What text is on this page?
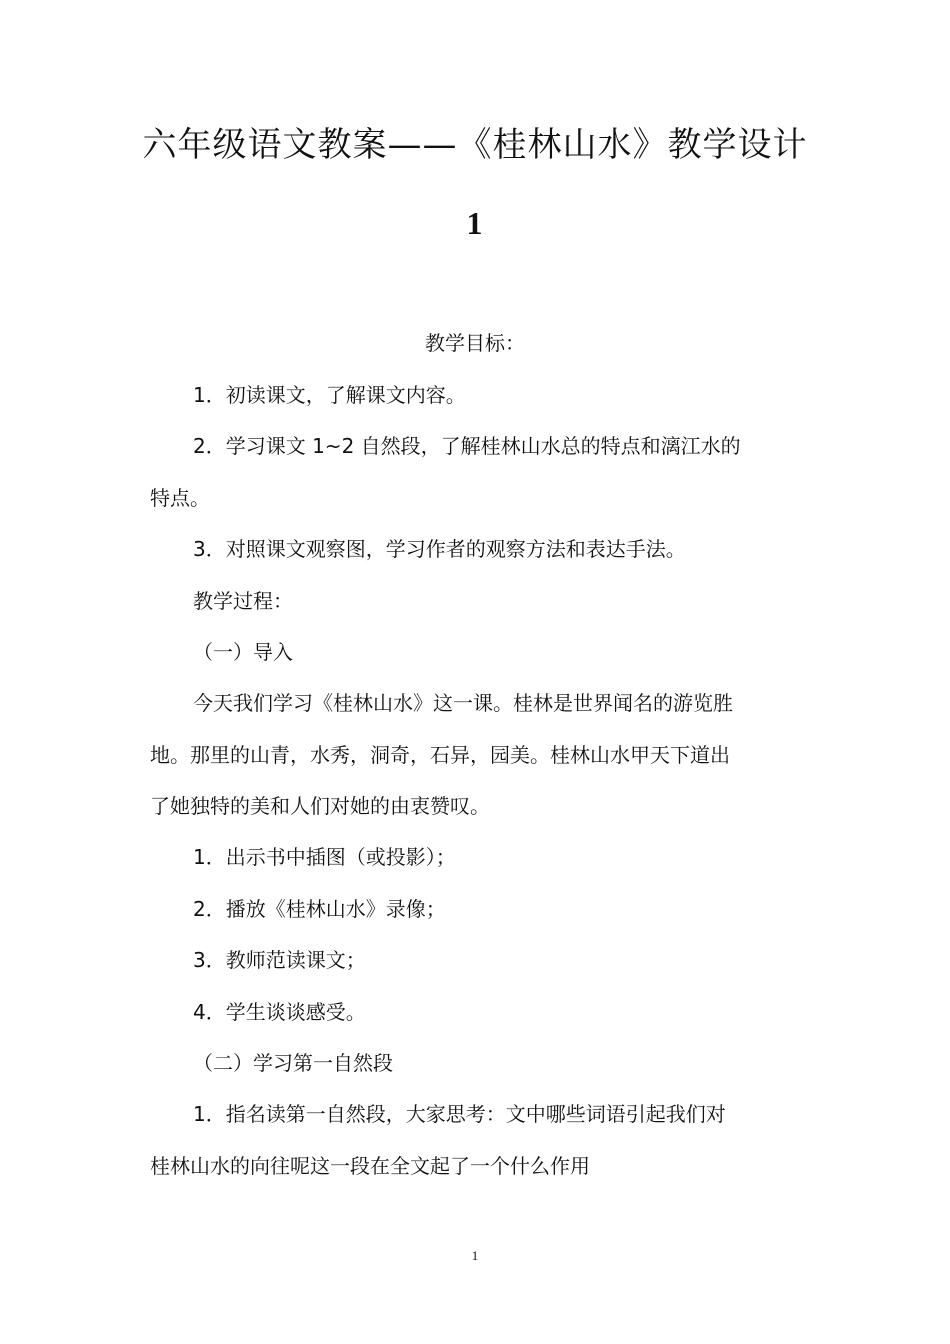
六年级语文教案——《桂林山水》教学设计
1

教学目标：

1．初读课文，了解课文内容。

2．学习课文 1~2 自然段，了解桂林山水总的特点和漓江水的

特点。

3．对照课文观察图，学习作者的观察方法和表达手法。

教学过程：

（一）导入

今天我们学习《桂林山水》这一课。桂林是世界闻名的游览胜

地。那里的山青，水秀，洞奇，石异，园美。桂林山水甲天下道出

了她独特的美和人们对她的由衷赞叹。

1．出示书中插图（或投影）；

2．播放《桂林山水》录像；

3．教师范读课文；

4．学生谈谈感受。

（二）学习第一自然段

1．指名读第一自然段，大家思考：文中哪些词语引起我们对

桂林山水的向往呢这一段在全文起了一个什么作用

1
